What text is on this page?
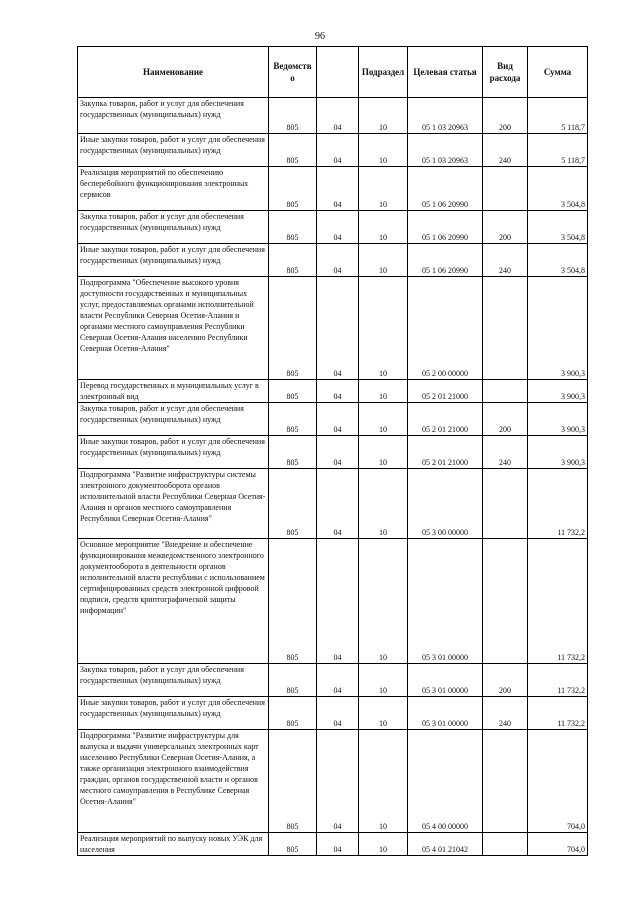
96
Наименование	Ведомств о		Подраздел	Целевая статья	Вид расхода	Сумма
Закупка товаров, работ и услуг для обеспечения государственных (муниципальных) нужд	805	04	10	05 1 03 20963	200	5 118,7
Иные закупки товаров, работ и услуг для обеспечения государственных (муниципальных) нужд	805	04	10	05 1 03 20963	240	5 118,7
Реализация мероприятий по обеспечению бесперебойного функционирования электронных сервисов	805	04	10	05 1 06 20990		3 504,8
Закупка товаров, работ и услуг для обеспечения государственных (муниципальных) нужд	805	04	10	05 1 06 20990	200	3 504,8
Иные закупки товаров, работ и услуг для обеспечения государственных (муниципальных) нужд	805	04	10	05 1 06 20990	240	3 504,8
Подпрограмма "Обеспечение высокого уровня доступности государственных и муниципальных услуг, предоставляемых органами исполнительной власти Республики Северная Осетия-Алания и органами местного самоуправления Республики Северная Осетия-Алания населению Республики Северная Осетия-Алания"	805	04	10	05 2 00 00000		3 900,3
Перевод государственных и муниципальных услуг в электронный вид	805	04	10	05 2 01 21000		3 900,3
Закупка товаров, работ и услуг для обеспечения государственных (муниципальных) нужд	805	04	10	05 2 01 21000	200	3 900,3
Иные закупки товаров, работ и услуг для обеспечения государственных (муниципальных) нужд	805	04	10	05 2 01 21000	240	3 900,3
Подпрограмма "Развитие инфраструктуры системы электронного документооборота органов исполнительной власти Республики Северная Осетия-Алания и органов местного самоуправления Республики Северная Осетия-Алания"	805	04	10	05 3 00 00000		11 732,2
Основное мероприятие "Внедрение и обеспечение функционирования межведомственного электронного документооборота в деятельности органов исполнительной власти республики с использованием сертифицированных средств электронной цифровой подписи, средств криптографической защиты информации"	805	04	10	05 3 01 00000		11 732,2
Закупка товаров, работ и услуг для обеспечения государственных (муниципальных) нужд	805	04	10	05 3 01 00000	200	11 732,2
Иные закупки товаров, работ и услуг для обеспечения государственных (муниципальных) нужд	805	04	10	05 3 01 00000	240	11 732,2
Подпрограмма "Развитие инфраструктуры для выпуска и выдачи универсальных электронных карт населению Республики Северная Осетия-Алания, а также организация электронного взаимодействия граждан, органов государственной власти и органов местного самоуправления в Республике Северная Осетия-Алания"	805	04	10	05 4 00 00000		704,0
Реализация мероприятий по выпуску новых УЭК для населения	805	04	10	05 4 01 21042		704,0
